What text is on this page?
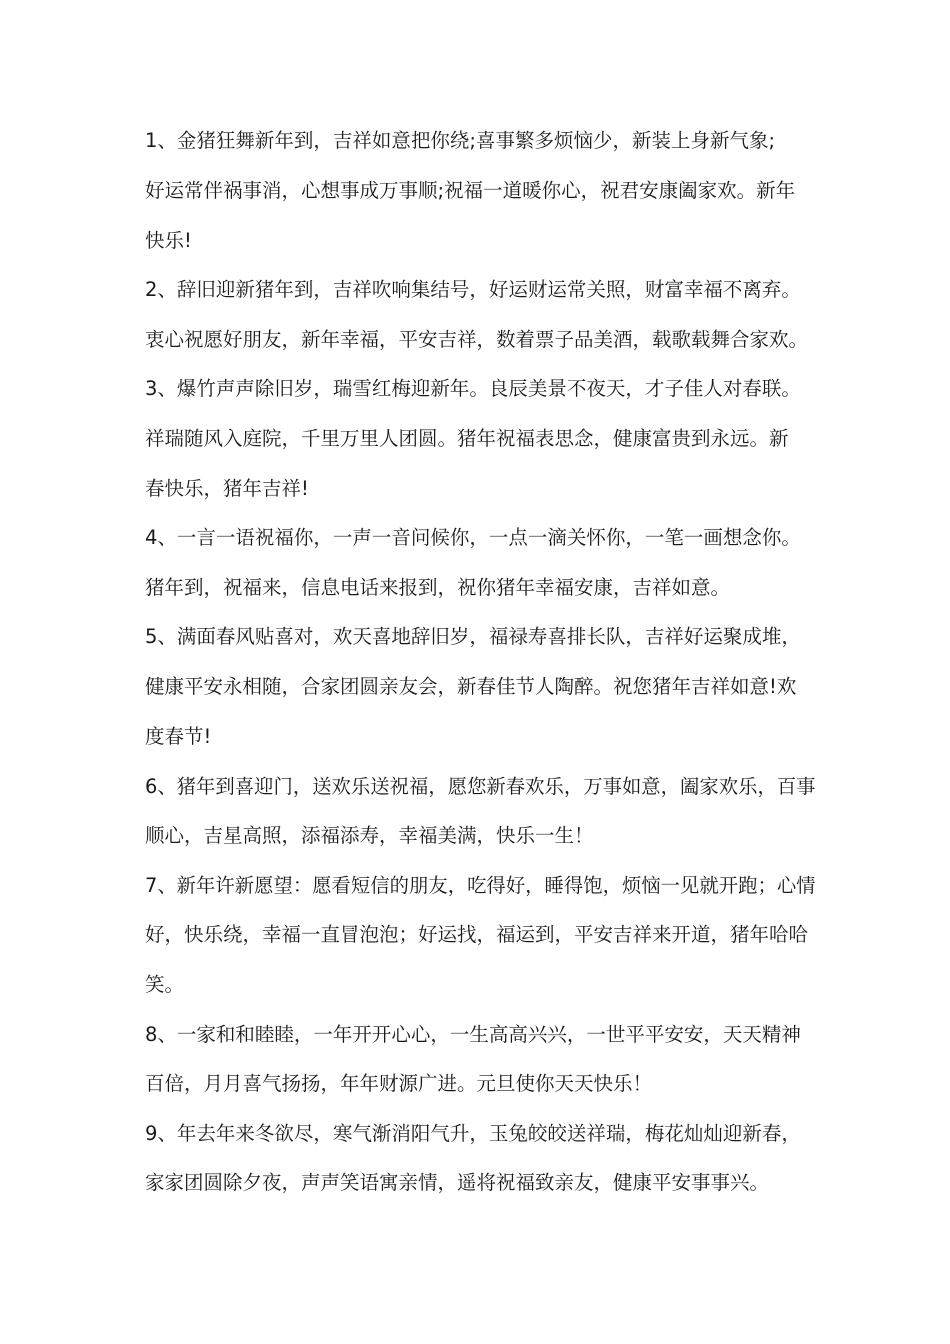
1、金猪狂舞新年到，吉祥如意把你绕;喜事繁多烦恼少，新装上身新气象;
好运常伴祸事消，心想事成万事顺;祝福一道暖你心，祝君安康阖家欢。新年
快乐!
2、辞旧迎新猪年到，吉祥吹响集结号，好运财运常关照，财富幸福不离弃。
衷心祝愿好朋友，新年幸福，平安吉祥，数着票子品美酒，载歌载舞合家欢。
3、爆竹声声除旧岁，瑞雪红梅迎新年。良辰美景不夜天，才子佳人对春联。
祥瑞随风入庭院，千里万里人团圆。猪年祝福表思念，健康富贵到永远。新
春快乐，猪年吉祥!
4、一言一语祝福你，一声一音问候你，一点一滴关怀你，一笔一画想念你。
猪年到，祝福来，信息电话来报到，祝你猪年幸福安康，吉祥如意。
5、满面春风贴喜对，欢天喜地辞旧岁，福禄寿喜排长队，吉祥好运聚成堆，
健康平安永相随，合家团圆亲友会，新春佳节人陶醉。祝您猪年吉祥如意!欢
度春节!
6、猪年到喜迎门，送欢乐送祝福，愿您新春欢乐，万事如意，阖家欢乐，百事
顺心，吉星高照，添福添寿，幸福美满，快乐一生！
7、新年许新愿望：愿看短信的朋友，吃得好，睡得饱，烦恼一见就开跑；心情
好，快乐绕，幸福一直冒泡泡；好运找，福运到，平安吉祥来开道，猪年哈哈
笑。
8、一家和和睦睦，一年开开心心，一生高高兴兴，一世平平安安，天天精神
百倍，月月喜气扬扬，年年财源广进。元旦使你天天快乐！
9、年去年来冬欲尽，寒气渐消阳气升，玉兔皎皎送祥瑞，梅花灿灿迎新春，
家家团圆除夕夜，声声笑语寓亲情，遥将祝福致亲友，健康平安事事兴。
